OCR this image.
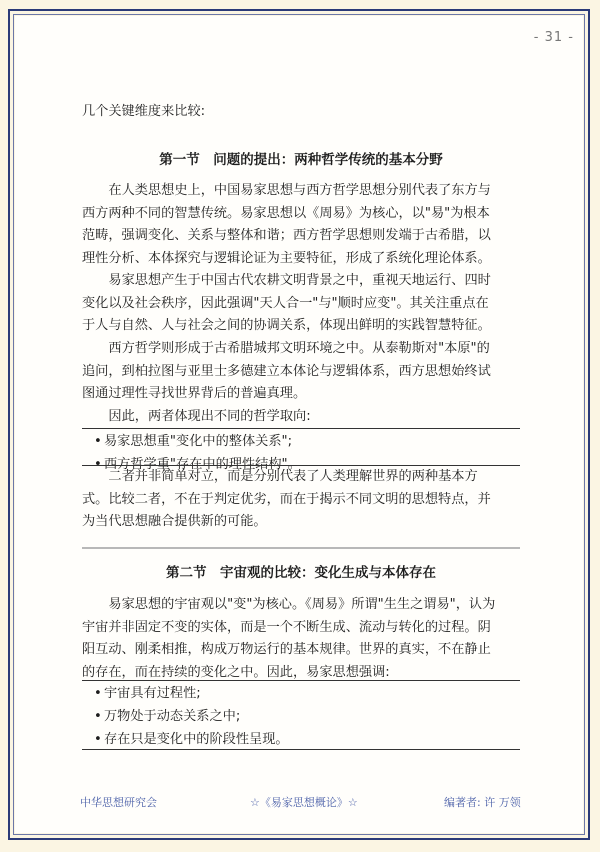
- 31 -
几个关键维度来比较:
第一节　问题的提出：两种哲学传统的基本分野
在人类思想史上，中国易家思想与西方哲学思想分别代表了东方与
西方两种不同的智慧传统。易家思想以《周易》为核心，以"易"为根本
范畴，强调变化、关系与整体和谐；西方哲学思想则发端于古希腊，以
理性分析、本体探究与逻辑论证为主要特征，形成了系统化理论体系。
易家思想产生于中国古代农耕文明背景之中，重视天地运行、四时
变化以及社会秩序，因此强调"天人合一"与"顺时应变"。其关注重点在
于人与自然、人与社会之间的协调关系，体现出鲜明的实践智慧特征。
西方哲学则形成于古希腊城邦文明环境之中。从泰勒斯对"本原"的
追问，到柏拉图与亚里士多德建立本体论与逻辑体系，西方思想始终试
图通过理性寻找世界背后的普遍真理。
因此，两者体现出不同的哲学取向:
• 易家思想重"变化中的整体关系";
• 西方哲学重"存在中的理性结构"。
二者并非简单对立，而是分别代表了人类理解世界的两种基本方
式。比较二者，不在于判定优劣，而在于揭示不同文明的思想特点，并
为当代思想融合提供新的可能。
第二节　宇宙观的比较：变化生成与本体存在
易家思想的宇宙观以"变"为核心。《周易》所谓"生生之谓易"，认为
宇宙并非固定不变的实体，而是一个不断生成、流动与转化的过程。阴
阳互动、刚柔相推，构成万物运行的基本规律。世界的真实，不在静止
的存在，而在持续的变化之中。因此，易家思想强调:
• 宇宙具有过程性;
• 万物处于动态关系之中;
• 存在只是变化中的阶段性呈现。
中华思想研究会	☆《易家思想概论》☆	编著者: 许 万领
